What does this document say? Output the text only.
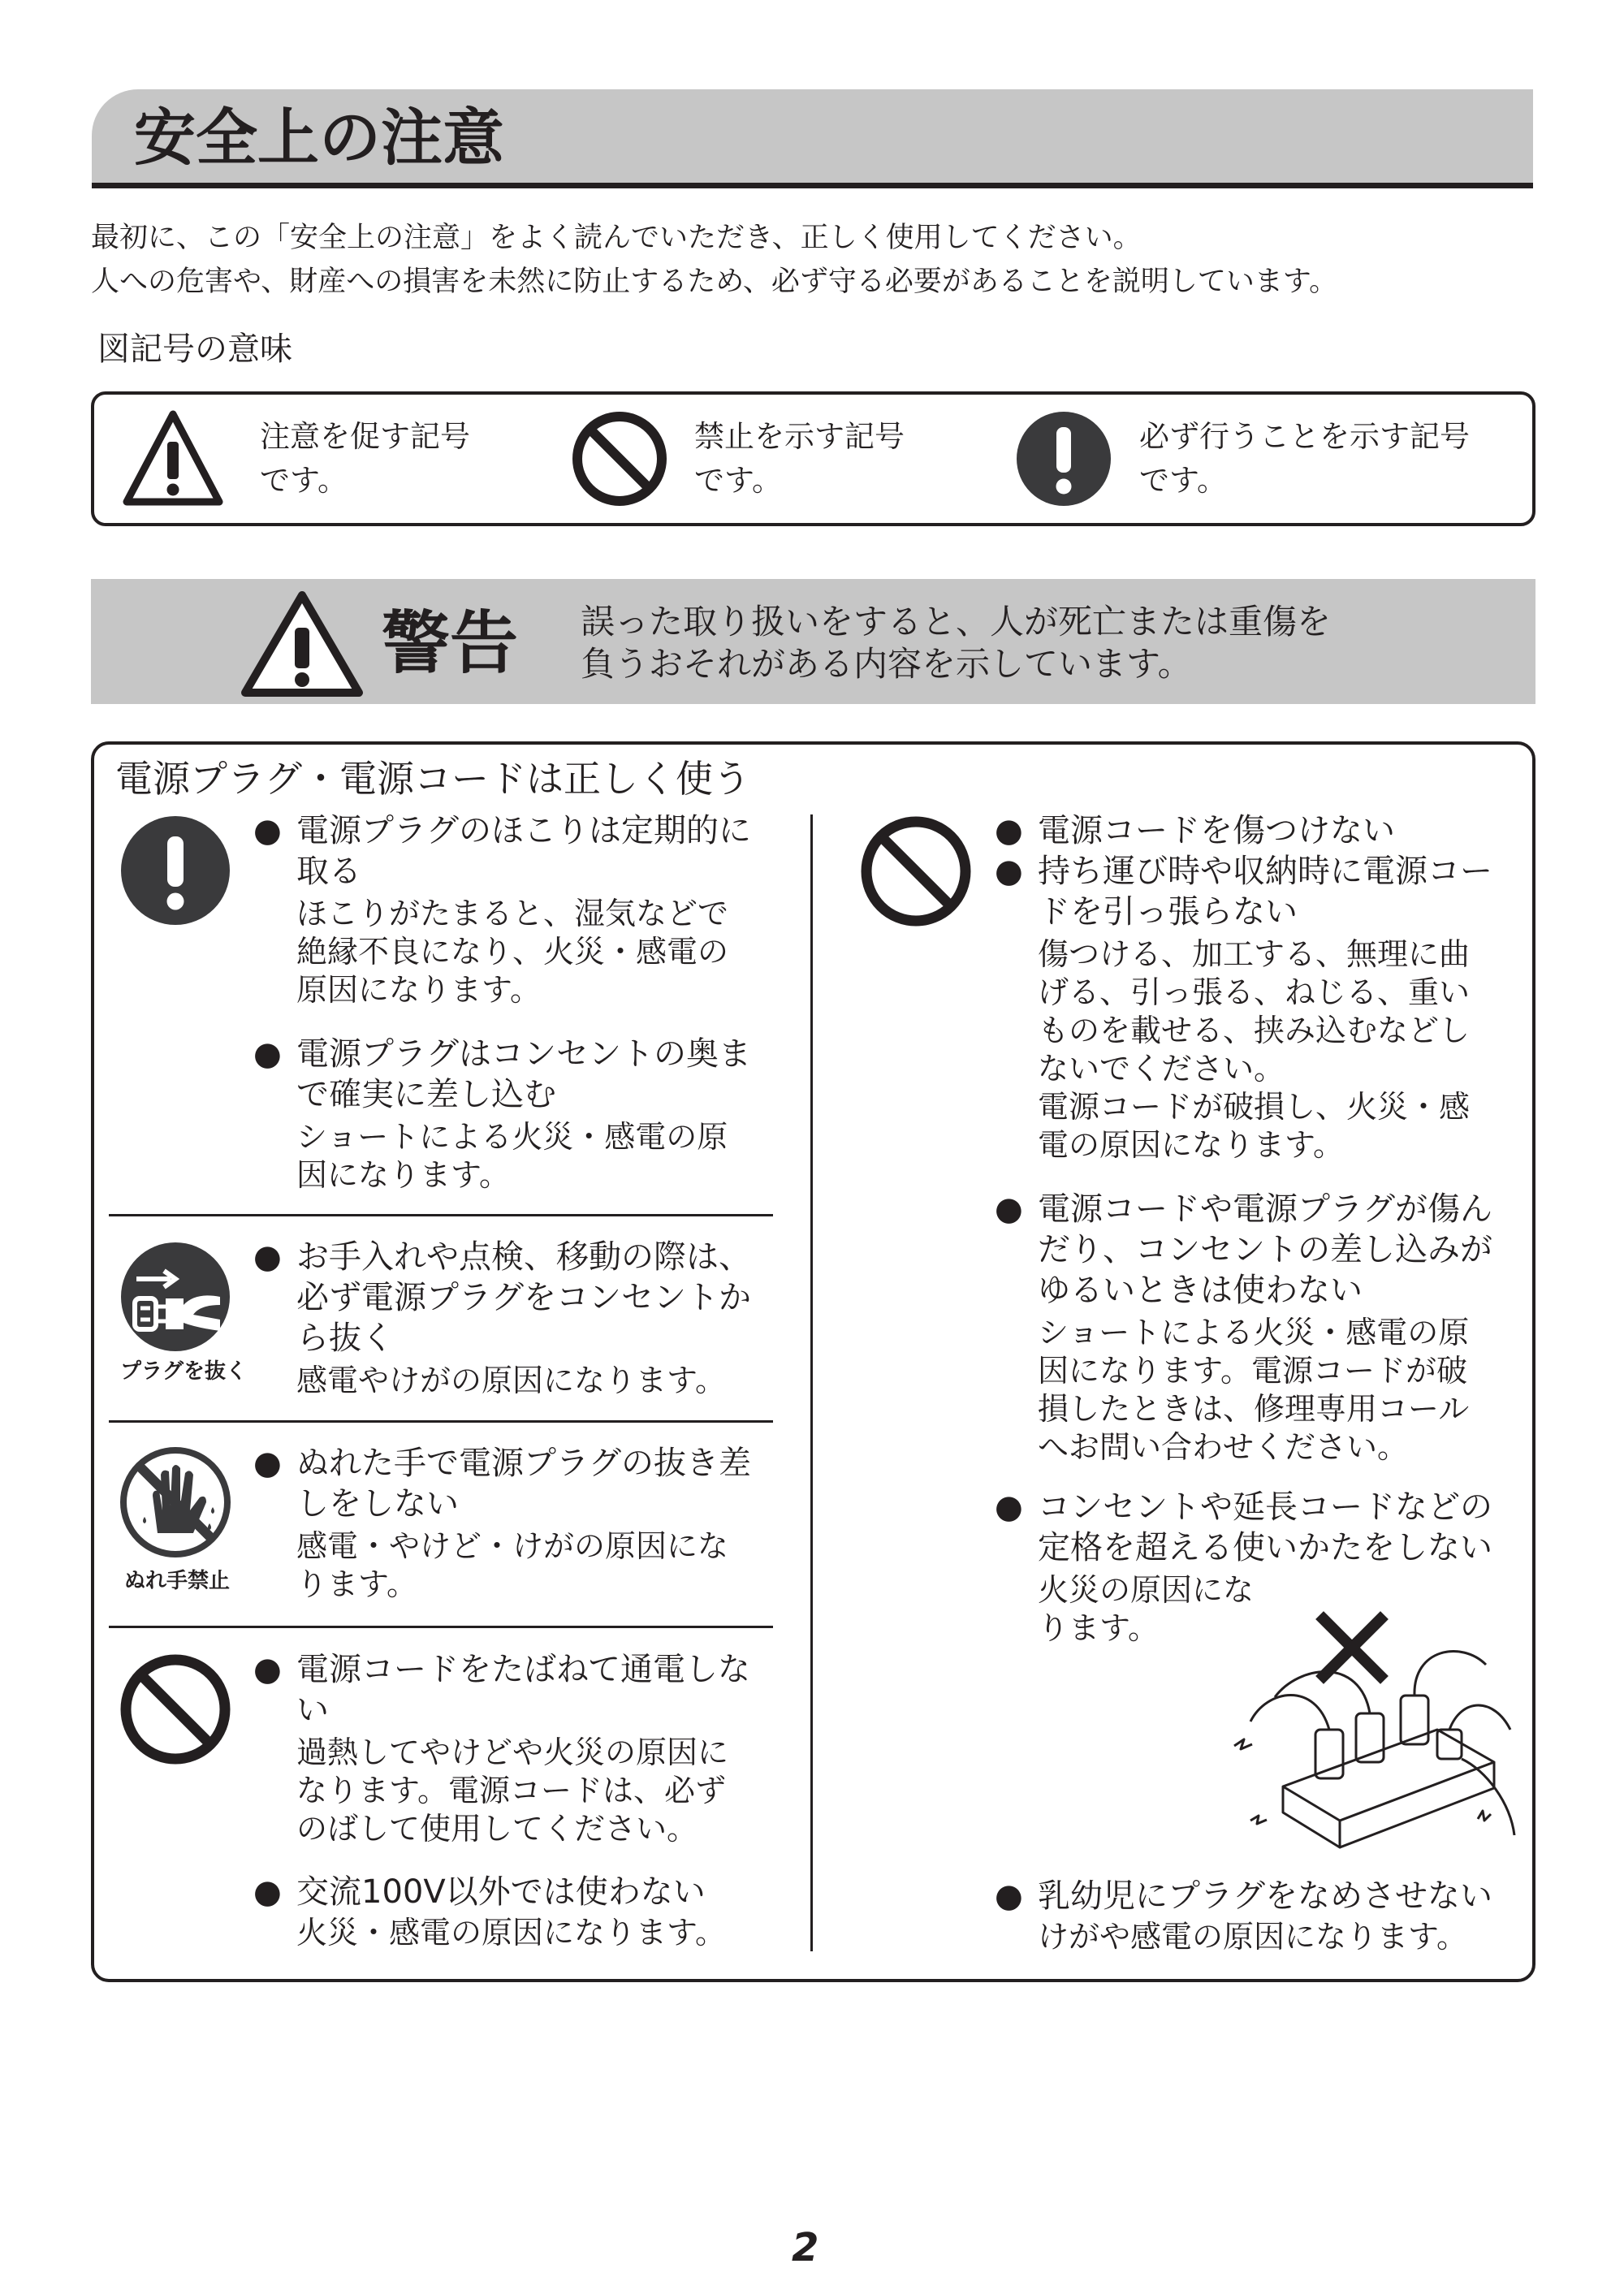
安全上の注意
最初に、この「安全上の注意」をよく読んでいただき、正しく使用してください。
人への危害や、財産への損害を未然に防止するため、必ず守る必要があることを説明しています。
図記号の意味
注意を促す記号
です。
禁止を示す記号
です。
必ず行うことを示す記号
です。
警告 誤った取り扱いをすると、人が死亡または重傷を
負うおそれがある内容を示しています。
電源プラグ・電源コードは正しく使う
● 電源プラグのほこりは定期的に
取る
ほこりがたまると、湿気などで
絶縁不良になり、火災・感電の
原因になります。
● 電源プラグはコンセントの奥ま
で確実に差し込む
ショートによる火災・感電の原
因になります。
プラグを抜く
● お手入れや点検、移動の際は、
必ず電源プラグをコンセントか
ら抜く
感電やけがの原因になります。
ぬれ手禁止
● ぬれた手で電源プラグの抜き差
しをしない
感電・やけど・けがの原因にな
ります。
● 電源コードをたばねて通電しな
い
過熱してやけどや火災の原因に
なります。電源コードは、必ず
のばして使用してください。
● 交流100V以外では使わない
火災・感電の原因になります。
● 電源コードを傷つけない
● 持ち運び時や収納時に電源コー
ドを引っ張らない
傷つける、加工する、無理に曲
げる、引っ張る、ねじる、重い
ものを載せる、挟み込むなどし
ないでください。
電源コードが破損し、火災・感
電の原因になります。
● 電源コードや電源プラグが傷ん
だり、コンセントの差し込みが
ゆるいときは使わない
ショートによる火災・感電の原
因になります。電源コードが破
損したときは、修理専用コール
へお問い合わせください。
● コンセントや延長コードなどの
定格を超える使いかたをしない
火災の原因にな
ります。
● 乳幼児にプラグをなめさせない
けがや感電の原因になります。
2
